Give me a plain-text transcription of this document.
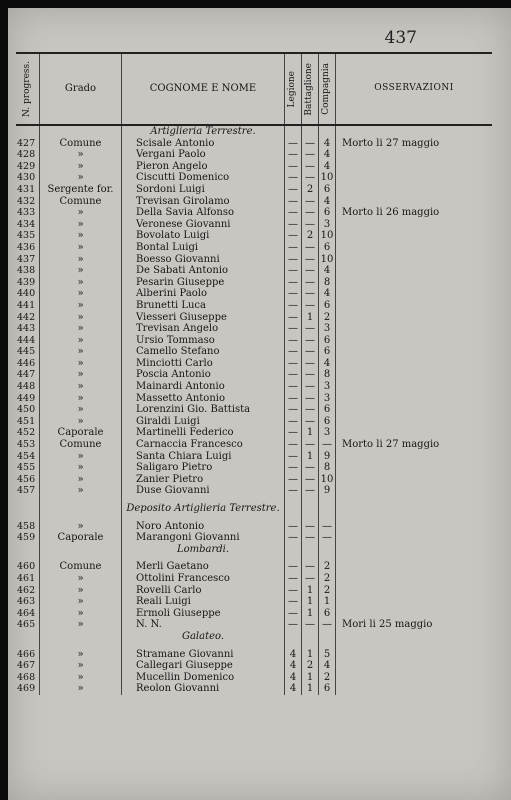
437
N. progress.	Grado	COGNOME E NOME	Legione Battaglione Compagnia	OSSERVAZIONI
Artiglieria Terrestre.
427	Comune	Scisale Antonio	— — 4	Morto li 27 maggio
428	»	Vergani Paolo	— — 4
429	»	Pieron Angelo	— — 4
430	»	Ciscutti Domenico	— — 10
431	Sergente for.	Sordoni Luigi	— 2	6
432	Comune	Trevisan Girolamo	— — 4
433	»	Della Savia Alfonso	— — 6	Morto li 26 maggio
434	»	Veronese Giovanni	— — 3
435	»	Bovolato Luigi	— 2 10
436	»	Bontal Luigi	— — 6
437	»	Boesso Giovanni	— — 10
438	»	De Sabati Antonio	— — 4
439	»	Pesarin Giuseppe	— — 8
440	»	Alberini Paolo	— — 4
441	»	Brunetti Luca	— — 6
442	»	Viesseri Giuseppe	— 1	2
443	»	Trevisan Angelo	— — 3
444	»	Ursio Tommaso	— — 6
445	»	Camello Stefano	— — 6
446	»	Minciotti Carlo	— — 4
447	»	Poscia Antonio	— — 8
448	»	Mainardi Antonio	— — 3
449	»	Massetto Antonio	— — 3
450	»	Lorenzini Gio. Battista	— — 6
451	»	Giraldi Luigi	— — 6
452	Caporale	Martinelli Federico	— 1	3
453	Comune	Carnaccia Francesco	— — —	Morto li 27 maggio
454	»	Santa Chiara Luigi	— 1	9
455	»	Saligaro Pietro	— — 8
456	»	Zanier Pietro	— — 10
457	»	Duse Giovanni	— — 9
Deposito Artiglieria Terrestre.
458	»	Noro Antonio	— — —
459	Caporale	Marangoni Giovanni	— — —
Lombardi.
460	Comune	Merli Gaetano	— — 2
461	»	Ottolini Francesco	— — 2
462	»	Rovelli Carlo	— 1	2
463	»	Reali Luigi	— 1	1
464	»	Ermoli Giuseppe	— 1	6
465	»	N. N.	— — —	Mori li 25 maggio
Galateo.
466	»	Stramane Giovanni	4	1	5
467	»	Callegari Giuseppe	4	2	4
468	»	Mucellin Domenico	4	1	2
469	»	Reolon Giovanni	4	1	6
